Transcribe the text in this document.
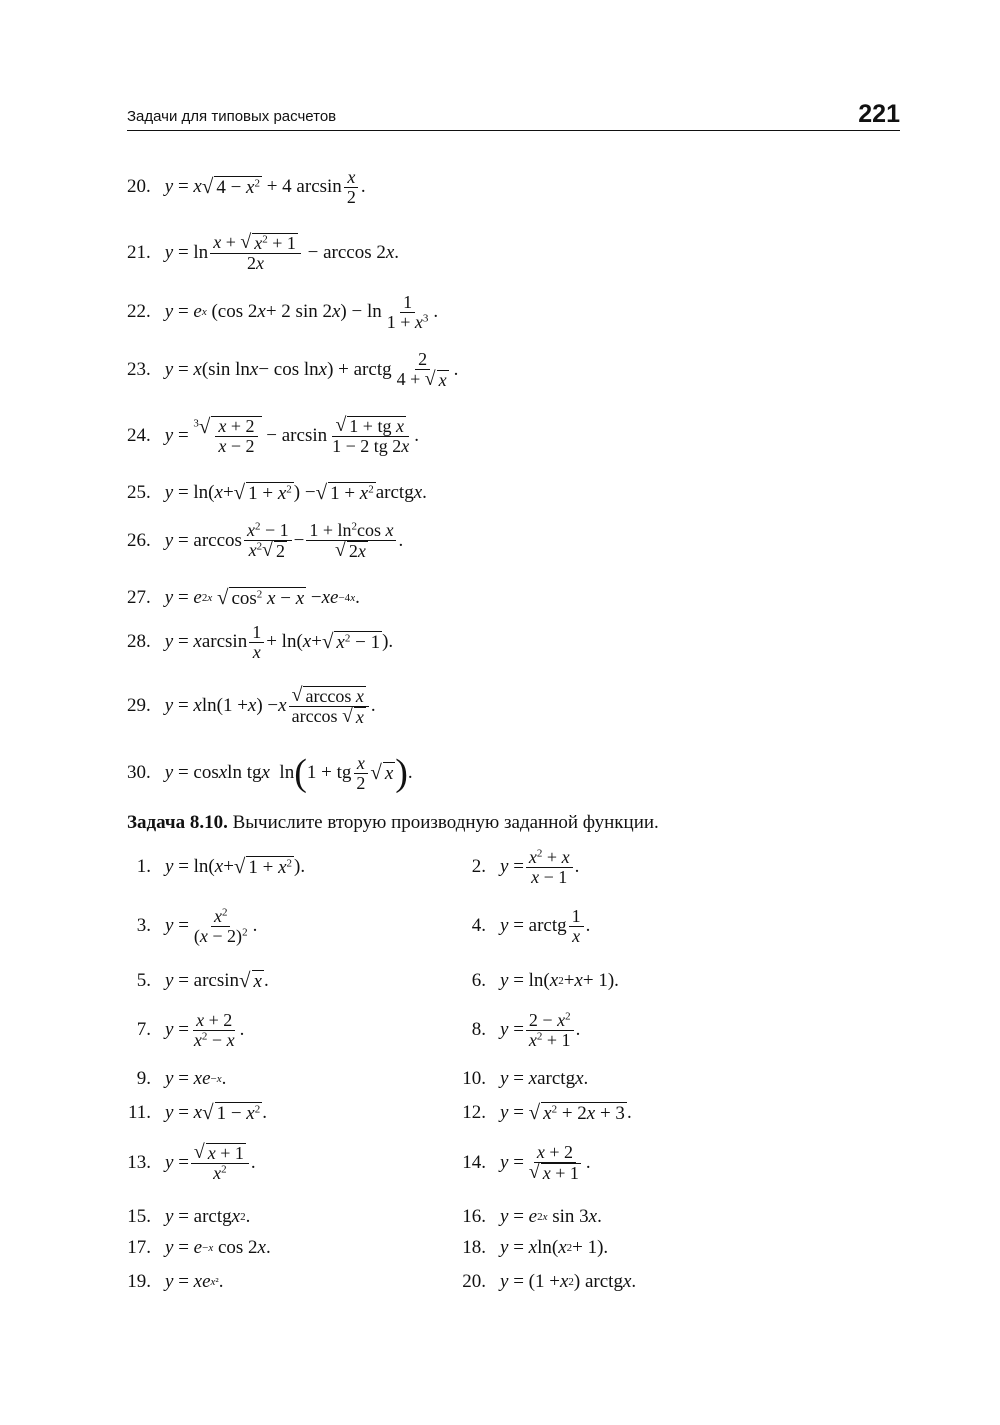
Задачи для типовых расчетов	221
20. y = x √ $4 - x^2 + 4$ $\arcsin \frac{x}{2}$ .
21. $y = \ln \frac{x + √ x^2 + 1}{2x} - \arccos 2$ x .
22. y = e x (cos 2 x + 2 sin 2 x ) − $\ln \frac{1}{1 + x^3}$ .
23. y = x (sin ln x − cos ln x ) + arctg $\frac{2}{4 + √ x}$ .
24. y =
$^3√ \frac{x + 2}{x - 2} - \arcsin \frac{\text{√ 1 + tg x}}{1 - 2 tg 2x}$ .
25. y = ln( x + √ $1 + x^2$ ) − √ $1 + x^2$ arctg x .
26. $y = \arccos \frac{x^2 - 1}{x^2 √ 2} - \frac{1 + \ln^2\cos x}{√ 2x}$ .
27. y = e 2x
√ $\cos^2 x - x - x$ e −4x .
28. y = x $\arcsin \frac{1}{x} + \ln$( x + √ $x^2 - 1$ ).
29. y = x ln(1 + x ) − x $\frac{\text{√ arccos x}}{\arccos √ x}$ .
30. y = cos x ln tg x ln ( 1 + tg $\frac{x}{2}$ √ x ) .
Задача 8.10. Вычислите вторую производную заданной функции.
1. y = ln( x + √ $1 + x^2$ ).
3. $y = \frac{x^2}{(x - 2)^2}$ .
5. y = arcsin √ x .
7. $y = \frac{x + 2}{x^2 - x}$ .
9. y = xe −x .
11. y = x √ $1 - x^2$ .
13. $y = \frac{√ x + 1}{x^2}$ .
15. y = arctg x 2 .
17. y = e −x cos 2 x .
19. y = xe x² .
2. $y = \frac{x^2 + x}{x - 1}$ .
4. y = arctg $\frac{1}{x}$ .
6. y = ln( x 2 + x + 1).
8. $y = \frac{2 - x^2}{x^2 + 1}$ .
10. y = x arctg x .
12. y = √ $x^2 + 2x + 3$ .
14. $y = \frac{x + 2}{√ x + 1}$ .
16. y = e 2x sin 3 x .
18. y = x ln( x 2 + 1).
20. y = (1 + x 2 ) arctg x .
